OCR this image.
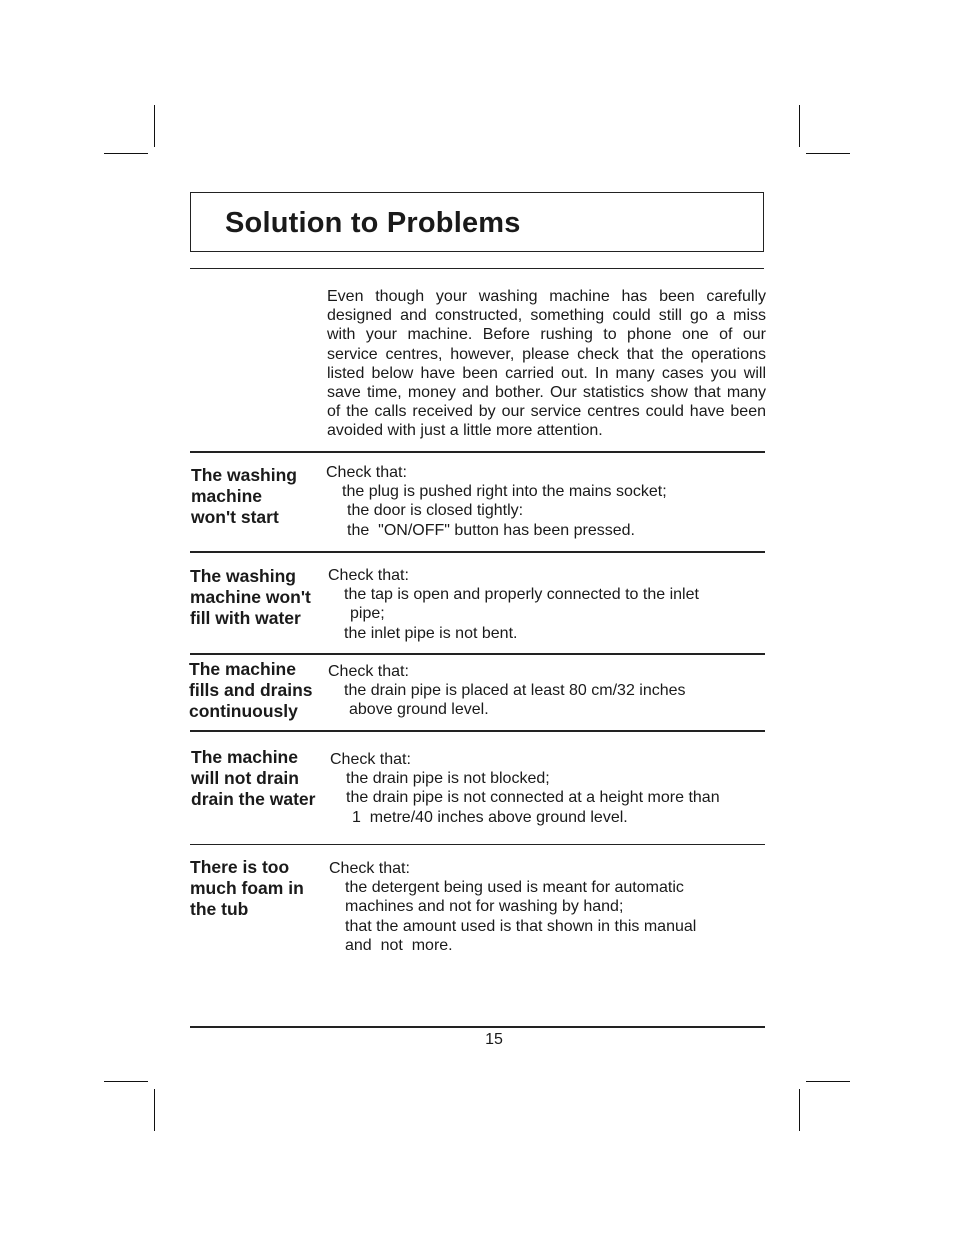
Solution to Problems
Even though your washing machine has been carefully designed and constructed, something could still go a miss with your machine. Before rushing to phone one of our service centres, however, please check that the operations listed below have been carried out. In many cases you will save time, money and bother. Our statistics show that many of the calls received by our service centres could have been avoided with just a little more attention.
The washing
machine
won't start
Check that:
the plug is pushed right into the mains socket;
the door is closed tightly:
the  "ON/OFF" button has been pressed.
The washing
machine won't
fill with water
Check that:
the tap is open and properly connected to the inlet
pipe;
the inlet pipe is not bent.
The machine
fills and drains
continuously
Check that:
the drain pipe is placed at least 80 cm/32 inches
above ground level.
The machine
will not drain
drain the water
Check that:
the drain pipe is not blocked;
the drain pipe is not connected at a height more than
1  metre/40 inches above ground level.
There is too
much foam in
the tub
Check that:
the detergent being used is meant for automatic
machines and not for washing by hand;
that the amount used is that shown in this manual
and  not  more.
15
